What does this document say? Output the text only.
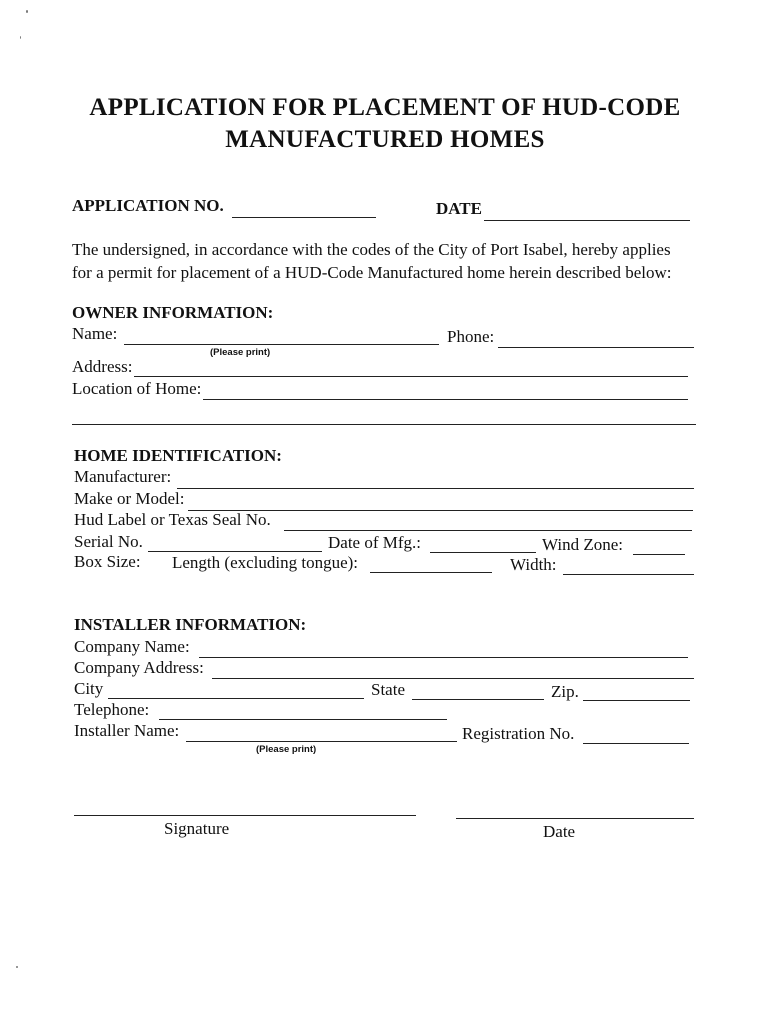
APPLICATION FOR PLACEMENT OF HUD-CODE
MANUFACTURED HOMES
APPLICATION NO.	DATE
The undersigned, in accordance with the codes of the City of Port Isabel, hereby applies
for a permit for placement of a HUD-Code Manufactured home herein described below:
OWNER INFORMATION:
Name:
(Please print)
Phone:
Address:
Location of Home:
HOME IDENTIFICATION:
Manufacturer:
Make or Model:
Hud Label or Texas Seal No.
Serial No.	Date of Mfg.:	Wind Zone:
Box Size: Length (excluding tongue):	Width:
INSTALLER INFORMATION:
Company Name:
Company Address:
City	State	Zip.
Telephone:
Installer Name:
(Please print)
Registration No.
Signature	Date
